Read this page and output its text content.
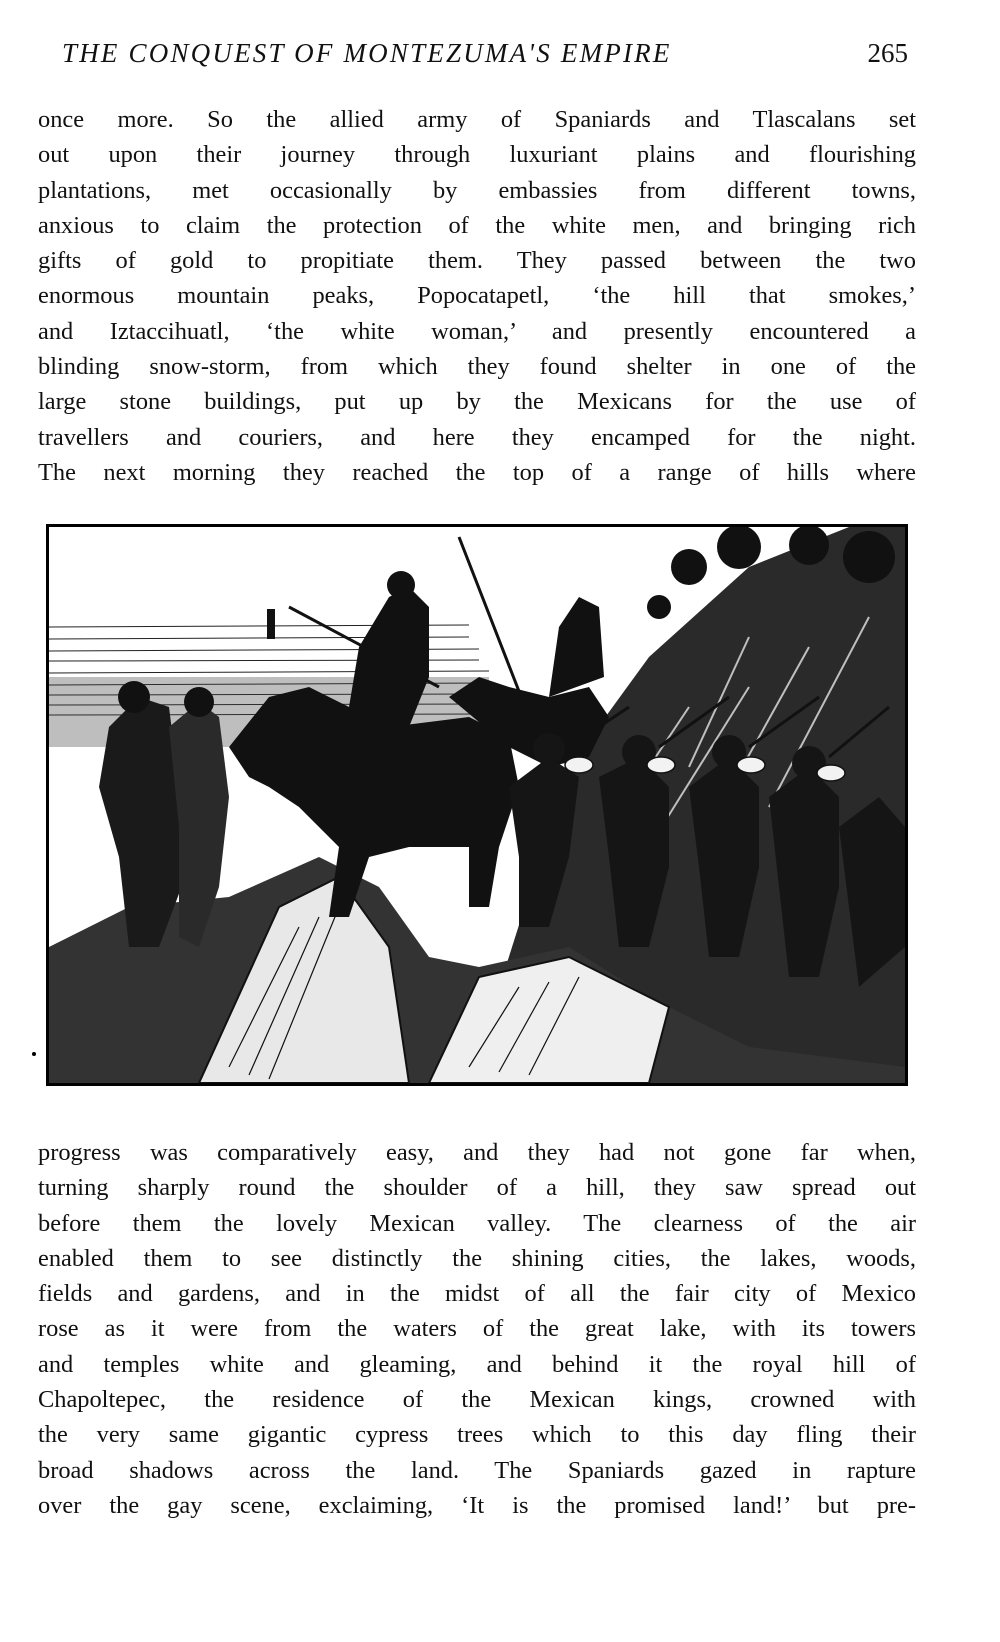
THE CONQUEST OF MONTEZUMA'S EMPIRE	265
once more. So the allied army of Spaniards and Tlascalans set
out upon their journey through luxuriant plains and flourishing
plantations, met occasionally by embassies from different towns,
anxious to claim the protection of the white men, and bringing rich
gifts of gold to propitiate them. They passed between the two
enormous mountain peaks, Popocatapetl, ‘the hill that smokes,’
and Iztaccihuatl, ‘the white woman,’ and presently encountered a
blinding snow-storm, from which they found shelter in one of the
large stone buildings, put up by the Mexicans for the use of
travellers and couriers, and here they encamped for the night.
The next morning they reached the top of a range of hills where
progress was comparatively easy, and they had not gone far when,
turning sharply round the shoulder of a hill, they saw spread out
before them the lovely Mexican valley. The clearness of the air
enabled them to see distinctly the shining cities, the lakes, woods,
fields and gardens, and in the midst of all the fair city of Mexico
rose as it were from the waters of the great lake, with its towers
and temples white and gleaming, and behind it the royal hill of
Chapoltepec, the residence of the Mexican kings, crowned with
the very same gigantic cypress trees which to this day fling their
broad shadows across the land. The Spaniards gazed in rapture
over the gay scene, exclaiming, ‘It is the promised land!’ but pre-
